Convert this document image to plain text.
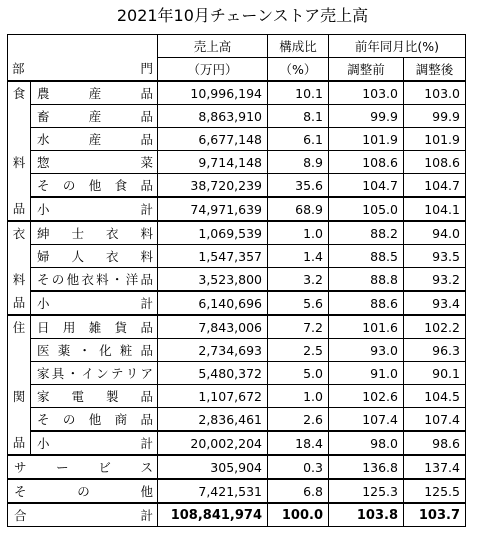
2021年10月チェーンストア売上高
		売上高	構成比	前年同月比(%)	
部	門	（万円）	（%）	調整前	調整後
食	農産品	10,996,194	10.1	103.0	103.0
	畜産品	8,863,910	8.1	99.9	99.9
	水産品	6,677,148	6.1	101.9	101.9
料	惣菜	9,714,148	8.9	108.6	108.6
	その他食品	38,720,239	35.6	104.7	104.7
品	小計	74,971,639	68.9	105.0	104.1
衣	紳士衣料	1,069,539	1.0	88.2	94.0
	婦人衣料	1,547,357	1.4	88.5	93.5
料	その他衣料・洋品	3,523,800	3.2	88.8	93.2
品	小計	6,140,696	5.6	88.6	93.4
住	日用雑貨品	7,843,006	7.2	101.6	102.2
	医薬・化粧品	2,734,693	2.5	93.0	96.3
	家具・インテリア	5,480,372	5.0	91.0	90.1
関	家電製品	1,107,672	1.0	102.6	104.5
	その他商品	2,836,461	2.6	107.4	107.4
品	小計	20,002,204	18.4	98.0	98.6
サービス		305,904	0.3	136.8	137.4
その他		7,421,531	6.8	125.3	125.5
合計		108,841,974	100.0	103.8	103.7
